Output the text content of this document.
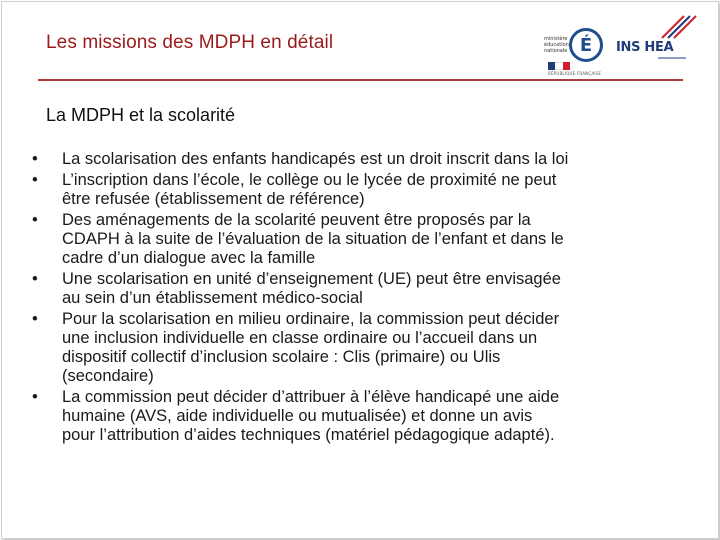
Les missions des MDPH en détail	ministère
éducation
nationale É
RÉPUBLIQUE FRANÇAISE
INS HEA
La MDPH et la scolarité
•	La scolarisation des enfants handicapés est un droit inscrit dans la loi
•	L’inscription dans l’école, le collège ou le lycée de proximité ne peut
être refusée (établissement de référence)
•	Des aménagements de la scolarité peuvent être proposés par la
CDAPH à la suite de l’évaluation de la situation de l’enfant et dans le
cadre d’un dialogue avec la famille
•	Une scolarisation en unité d’enseignement (UE) peut être envisagée
au sein d’un établissement médico-social
•	Pour la scolarisation en milieu ordinaire, la commission peut décider
une inclusion individuelle en classe ordinaire ou l’accueil dans un
dispositif collectif d’inclusion scolaire : Clis (primaire) ou Ulis
(secondaire)
•	La commission peut décider d’attribuer à l’élève handicapé une aide
humaine (AVS, aide individuelle ou mutualisée) et donne un avis
pour l’attribution d’aides techniques (matériel pédagogique adapté).
